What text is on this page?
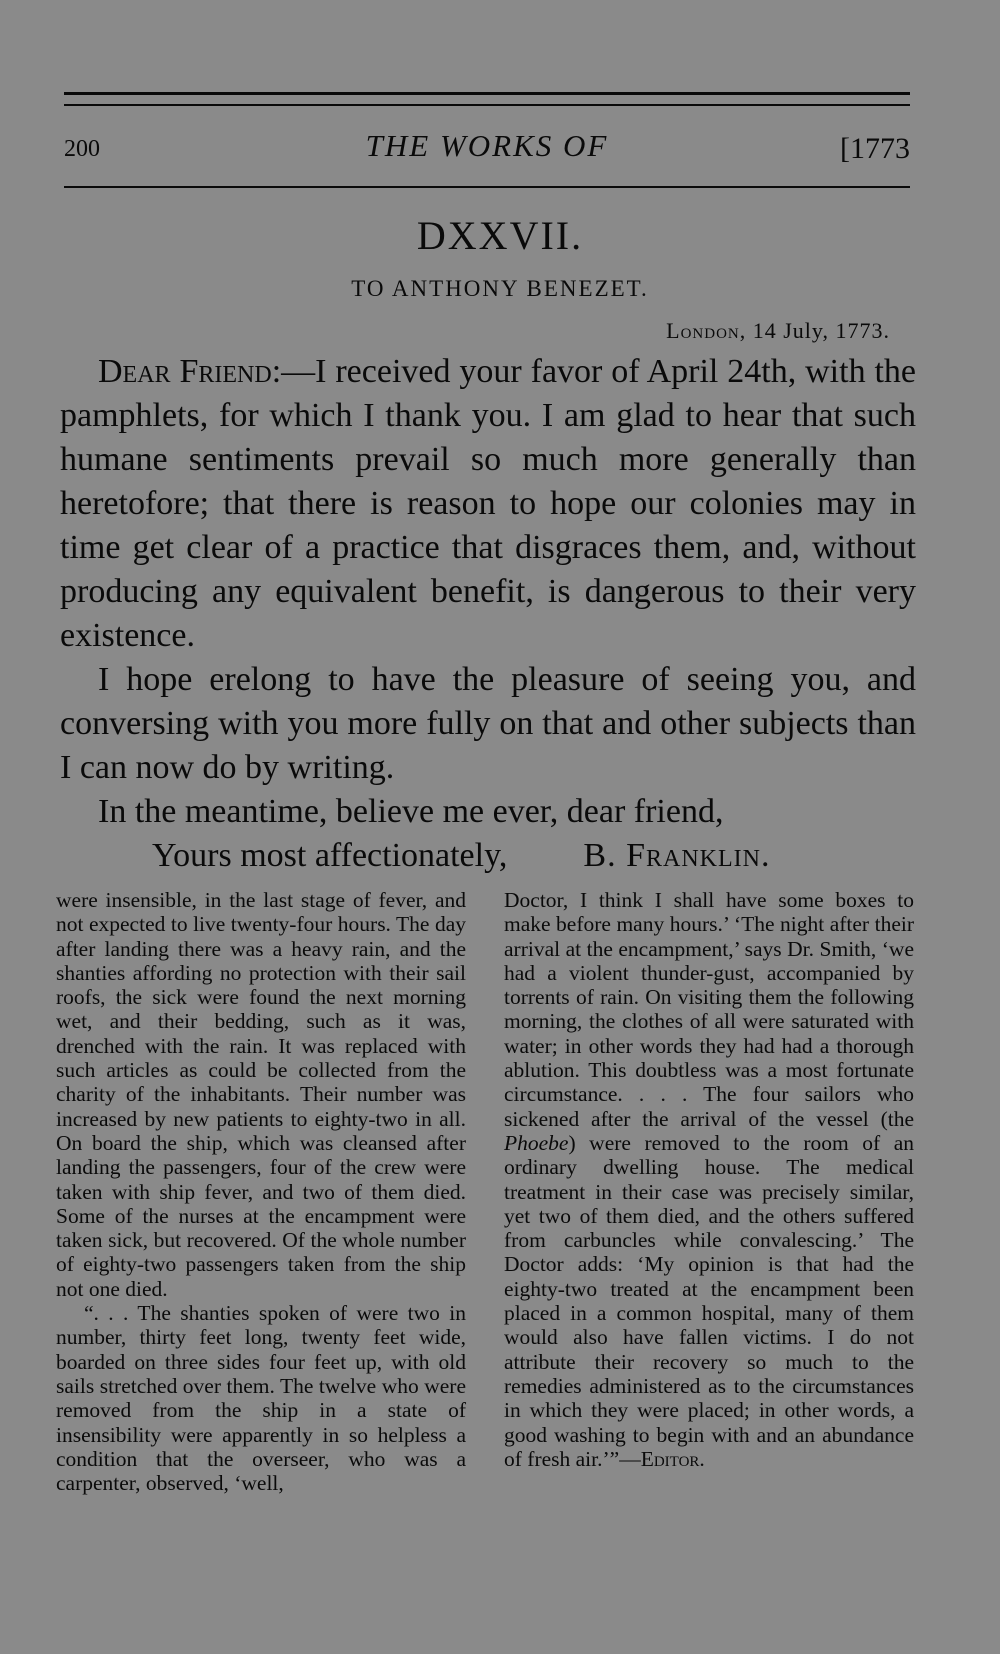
200	THE WORKS OF	[1773
DXXVII.
TO ANTHONY BENEZET.
London, 14 July, 1773.

Dear Friend:—I received your favor of April 24th, with the pamphlets, for which I thank you. I am glad to hear that such humane sentiments prevail so much more generally than heretofore; that there is reason to hope our colonies may in time get clear of a practice that disgraces them, and, without producing any equivalent benefit, is dangerous to their very existence.

I hope erelong to have the pleasure of seeing you, and conversing with you more fully on that and other subjects than I can now do by writing.

In the meantime, believe me ever, dear friend,

Yours most affectionately, B. Franklin.

were insensible, in the last stage of fever, and not expected to live twenty-four hours. The day after landing there was a heavy rain, and the shanties affording no protection with their sail roofs, the sick were found the next morning wet, and their bedding, such as it was, drenched with the rain. It was replaced with such articles as could be collected from the charity of the inhabitants. Their number was increased by new patients to eighty-two in all. On board the ship, which was cleansed after landing the passengers, four of the crew were taken with ship fever, and two of them died. Some of the nurses at the encampment were taken sick, but recovered. Of the whole number of eighty-two passengers taken from the ship not one died.

“. . . The shanties spoken of were two in number, thirty feet long, twenty feet wide, boarded on three sides four feet up, with old sails stretched over them. The twelve who were removed from the ship in a state of insensibility were apparently in so helpless a condition that the overseer, who was a carpenter, observed, ‘well,

Doctor, I think I shall have some boxes to make before many hours.’ ‘The night after their arrival at the encampment,’ says Dr. Smith, ‘we had a violent thunder-gust, accompanied by torrents of rain. On visiting them the following morning, the clothes of all were saturated with water; in other words they had had a thorough ablution. This doubtless was a most fortunate circumstance. . . . The four sailors who sickened after the arrival of the vessel (the Phoebe) were removed to the room of an ordinary dwelling house. The medical treatment in their case was precisely similar, yet two of them died, and the others suffered from carbuncles while convalescing.’ The Doctor adds: ‘My opinion is that had the eighty-two treated at the encampment been placed in a common hospital, many of them would also have fallen victims. I do not attribute their recovery so much to the remedies administered as to the circumstances in which they were placed; in other words, a good washing to begin with and an abundance of fresh air.’”—Editor.
